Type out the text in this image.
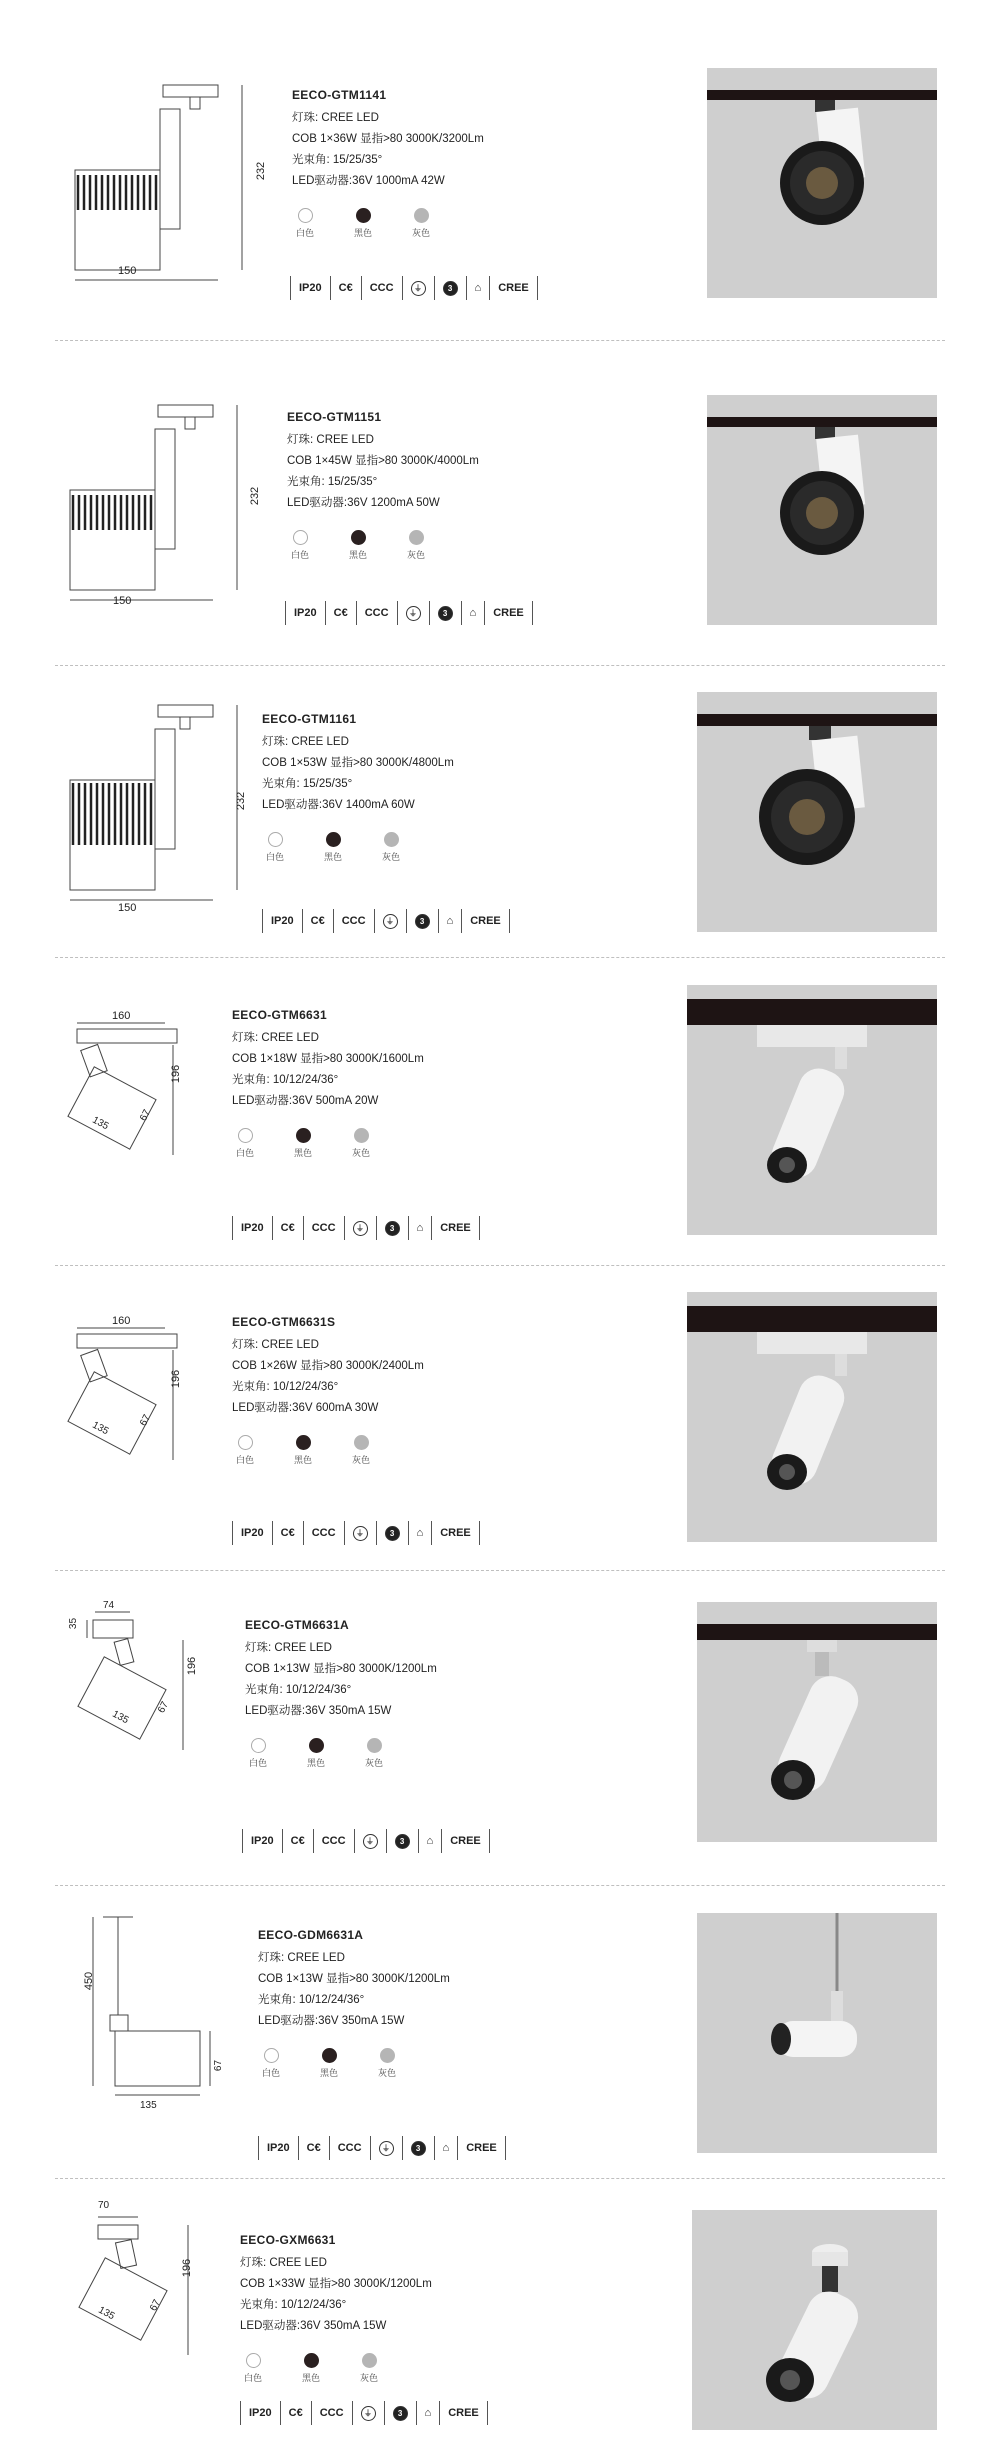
150
232
EECO-GTM1141
灯珠: CREE LED
COB 1×36W 显指>80 3000K/3200Lm
光束角: 15/25/35°
LED驱动器:36V 1000mA 42W
白色	黑色	灰色
IP20	C€	CCC	⏚	3	⌂	CREE
150
232
EECO-GTM1151
灯珠: CREE LED
COB 1×45W 显指>80 3000K/4000Lm
光束角: 15/25/35°
LED驱动器:36V 1200mA 50W
白色	黑色	灰色
IP20	C€	CCC	⏚	3	⌂	CREE
150
232
EECO-GTM1161
灯珠: CREE LED
COB 1×53W 显指>80 3000K/4800Lm
光束角: 15/25/35°
LED驱动器:36V 1400mA 60W
白色	黑色	灰色
IP20	C€	CCC	⏚	3	⌂	CREE
160
196
135	67
EECO-GTM6631
灯珠: CREE LED
COB 1×18W 显指>80 3000K/1600Lm
光束角: 10/12/24/36°
LED驱动器:36V 500mA 20W
白色	黑色	灰色
IP20	C€	CCC	⏚	3	⌂	CREE
160
196
135	67
EECO-GTM6631S
灯珠: CREE LED
COB 1×26W 显指>80 3000K/2400Lm
光束角: 10/12/24/36°
LED驱动器:36V 600mA 30W
白色	黑色	灰色
IP20	C€	CCC	⏚	3	⌂	CREE
74
35
196
135
67
EECO-GTM6631A
灯珠: CREE LED
COB 1×13W 显指>80 3000K/1200Lm
光束角: 10/12/24/36°
LED驱动器:36V 350mA 15W
白色	黑色	灰色
IP20	C€	CCC	⏚	3	⌂	CREE
450
135
67
EECO-GDM6631A
灯珠: CREE LED
COB 1×13W 显指>80 3000K/1200Lm
光束角: 10/12/24/36°
LED驱动器:36V 350mA 15W
白色	黑色	灰色
IP20	C€	CCC	⏚	3	⌂	CREE
70
196
135	67
EECO-GXM6631
灯珠: CREE LED
COB 1×33W 显指>80 3000K/1200Lm
光束角: 10/12/24/36°
LED驱动器:36V 350mA 15W
白色	黑色	灰色
IP20	C€	CCC	⏚	3	⌂	CREE
